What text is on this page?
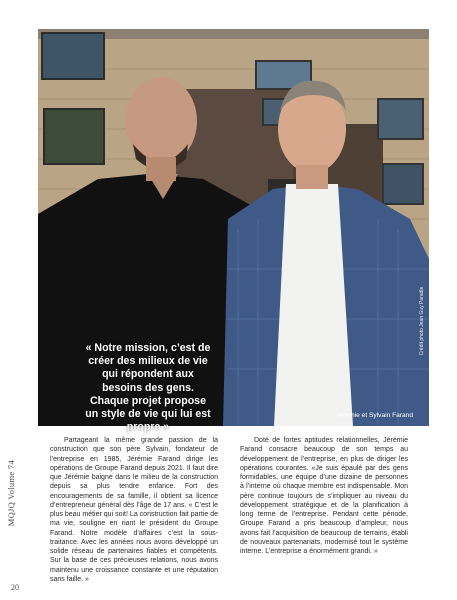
« Notre mission, c’est de créer des milieux de vie qui répondent aux besoins des gens. Chaque projet propose un style de vie qui lui est propre »
Jérémie et Sylvain Farand
Crédit photo Jean Guy Paradis

Partageant la même grande passion de la construction que son père Sylvain, fondateur de l’entreprise en 1985, Jérémie Farand dirige les opérations de Groupe Farand depuis 2021. Il faut dire que Jérémie baigne dans le milieu de la construction depuis sa plus tendre enfance. Fort des encouragements de sa famille, il obtient sa licence d’entrepreneur général dès l’âge de 17 ans. « C’est le plus beau métier qui soit! La construction fait partie de ma vie, souligne en riant le président du Groupe Farand. Notre modèle d’affaires c’est la sous-traitance. Avec les années nous avons développé un solide réseau de partenaires fiables et compétents. Sur la base de ces précieuses relations, nous avons maintenu une croissance constante et une réputation sans faille. »

Doté de fortes aptitudes relationnelles, Jérémie Farand consacre beaucoup de son temps au développement de l’entreprise, en plus de diriger les opérations courantes. «Je suis épaulé par des gens formidables, une équipe d’une dizaine de personnes à l’interne où chaque membre est indispensable. Mon père continue toujours de s’impliquer au niveau du développement stratégique et de la planification à long terme de l’entreprise. Pendant cette période, Groupe Farand a pris beaucoup d’ampleur, nous avons fait l’acquisition de beaucoup de terrains, établi de nouveaux partenariats, modernisé tout le système interne. L’entreprise a énormément grandi. »

MQJQ Volume 74
20
